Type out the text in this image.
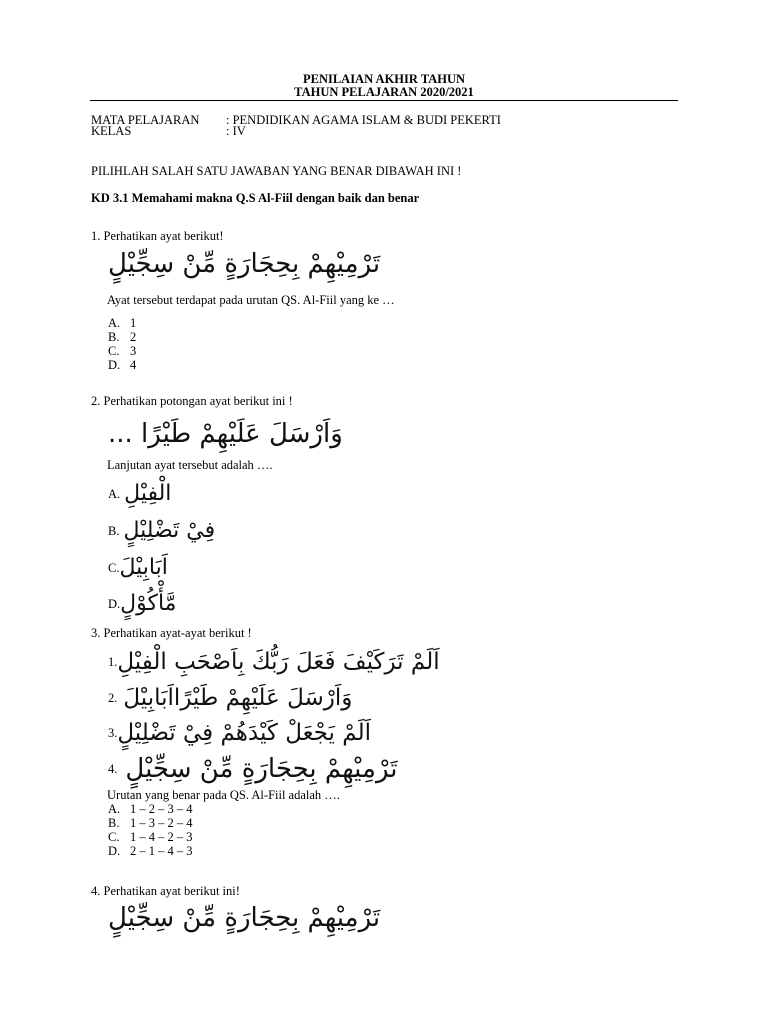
PENILAIAN AKHIR TAHUN
TAHUN PELAJARAN 2020/2021
MATA PELAJARAN : PENDIDIKAN AGAMA ISLAM & BUDI PEKERTI
KELAS	: IV
PILIHLAH SALAH SATU JAWABAN YANG BENAR DIBAWAH INI !
KD 3.1 Memahami makna Q.S Al-Fiil dengan baik dan benar
1. Perhatikan ayat berikut!
تَرْمِيْهِمْ بِحِجَارَةٍ مِّنْ سِجِّيْلٍ
Ayat tersebut terdapat pada urutan QS. Al-Fiil yang ke …
A. 1
B. 2
C. 3
D. 4
2. Perhatikan potongan ayat berikut ini !
وَاَرْسَلَ عَلَيْهِمْ طَيْرًا ...
Lanjutan ayat tersebut adalah ….
A. الْفِيْلِ
B. فِيْ تَضْلِيْلٍ
C. اَبَابِيْلَ
D. مَّأْكُوْلٍ
3. Perhatikan ayat-ayat berikut !
1. اَلَمْ تَرَكَيْفَ فَعَلَ رَبُّكَ بِاَصْحَبِ الْفِيْلِ
2. وَاَرْسَلَ عَلَيْهِمْ طَيْرًااَبَابِيْلَ
3. اَلَمْ يَجْعَلْ كَيْدَهُمْ فِيْ تَضْلِيْلٍ
4. تَرْمِيْهِمْ بِحِجَارَةٍ مِّنْ سِجِّيْلٍ
Urutan yang benar pada QS. Al-Fiil adalah ….
A. 1 – 2 – 3 – 4
B. 1 – 3 – 2 – 4
C. 1 – 4 – 2 – 3
D. 2 – 1 – 4 – 3
4. Perhatikan ayat berikut ini!
تَرْمِيْهِمْ بِحِجَارَةٍ مِّنْ سِجِّيْلٍ
